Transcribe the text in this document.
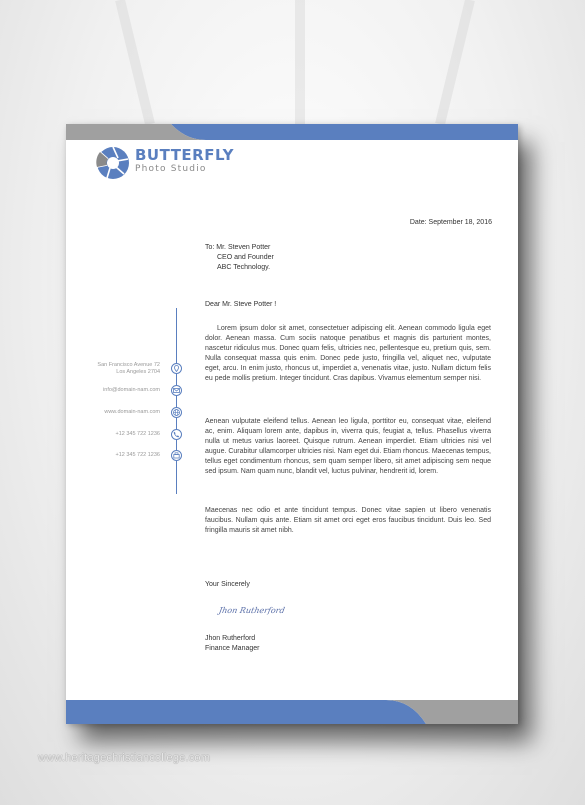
BUTTERFLY
Photo Studio
Date: September 18, 2016
To: Mr. Steven Potter
CEO and Founder
ABC Technology.
Dear Mr. Steve Potter !
San Francisco Avenue 72
Los Angeles 2704
info@domain-nam.com
www.domain-nam.com
+12 345 722 1236
+12 345 722 1236
Lorem ipsum dolor sit amet, consectetuer adipiscing elit. Aenean commodo ligula eget dolor. Aenean massa. Cum sociis natoque penatibus et magnis dis parturient montes, nascetur ridiculus mus. Donec quam felis, ultricies nec, pellentesque eu, pretium quis, sem. Nulla consequat massa quis enim. Donec pede justo, fringilla vel, aliquet nec, vulputate eget, arcu. In enim justo, rhoncus ut, imperdiet a, venenatis vitae, justo. Nullam dictum felis eu pede mollis pretium. Integer tincidunt. Cras dapibus. Vivamus elementum semper nisi.
Aenean vulputate eleifend tellus. Aenean leo ligula, porttitor eu, consequat vitae, eleifend ac, enim. Aliquam lorem ante, dapibus in, viverra quis, feugiat a, tellus. Phasellus viverra nulla ut metus varius laoreet. Quisque rutrum. Aenean imperdiet. Etiam ultricies nisi vel augue. Curabitur ullamcorper ultricies nisi. Nam eget dui. Etiam rhoncus. Maecenas tempus, tellus eget condimentum rhoncus, sem quam semper libero, sit amet adipiscing sem neque sed ipsum. Nam quam nunc, blandit vel, luctus pulvinar, hendrerit id, lorem.
Maecenas nec odio et ante tincidunt tempus. Donec vitae sapien ut libero venenatis faucibus. Nullam quis ante. Etiam sit amet orci eget eros faucibus tincidunt. Duis leo. Sed fringilla mauris sit amet nibh.
Your Sincerely
Jhon Rutherford
Jhon Rutherford
Finance Manager
www.heritagechristiancollege.com
